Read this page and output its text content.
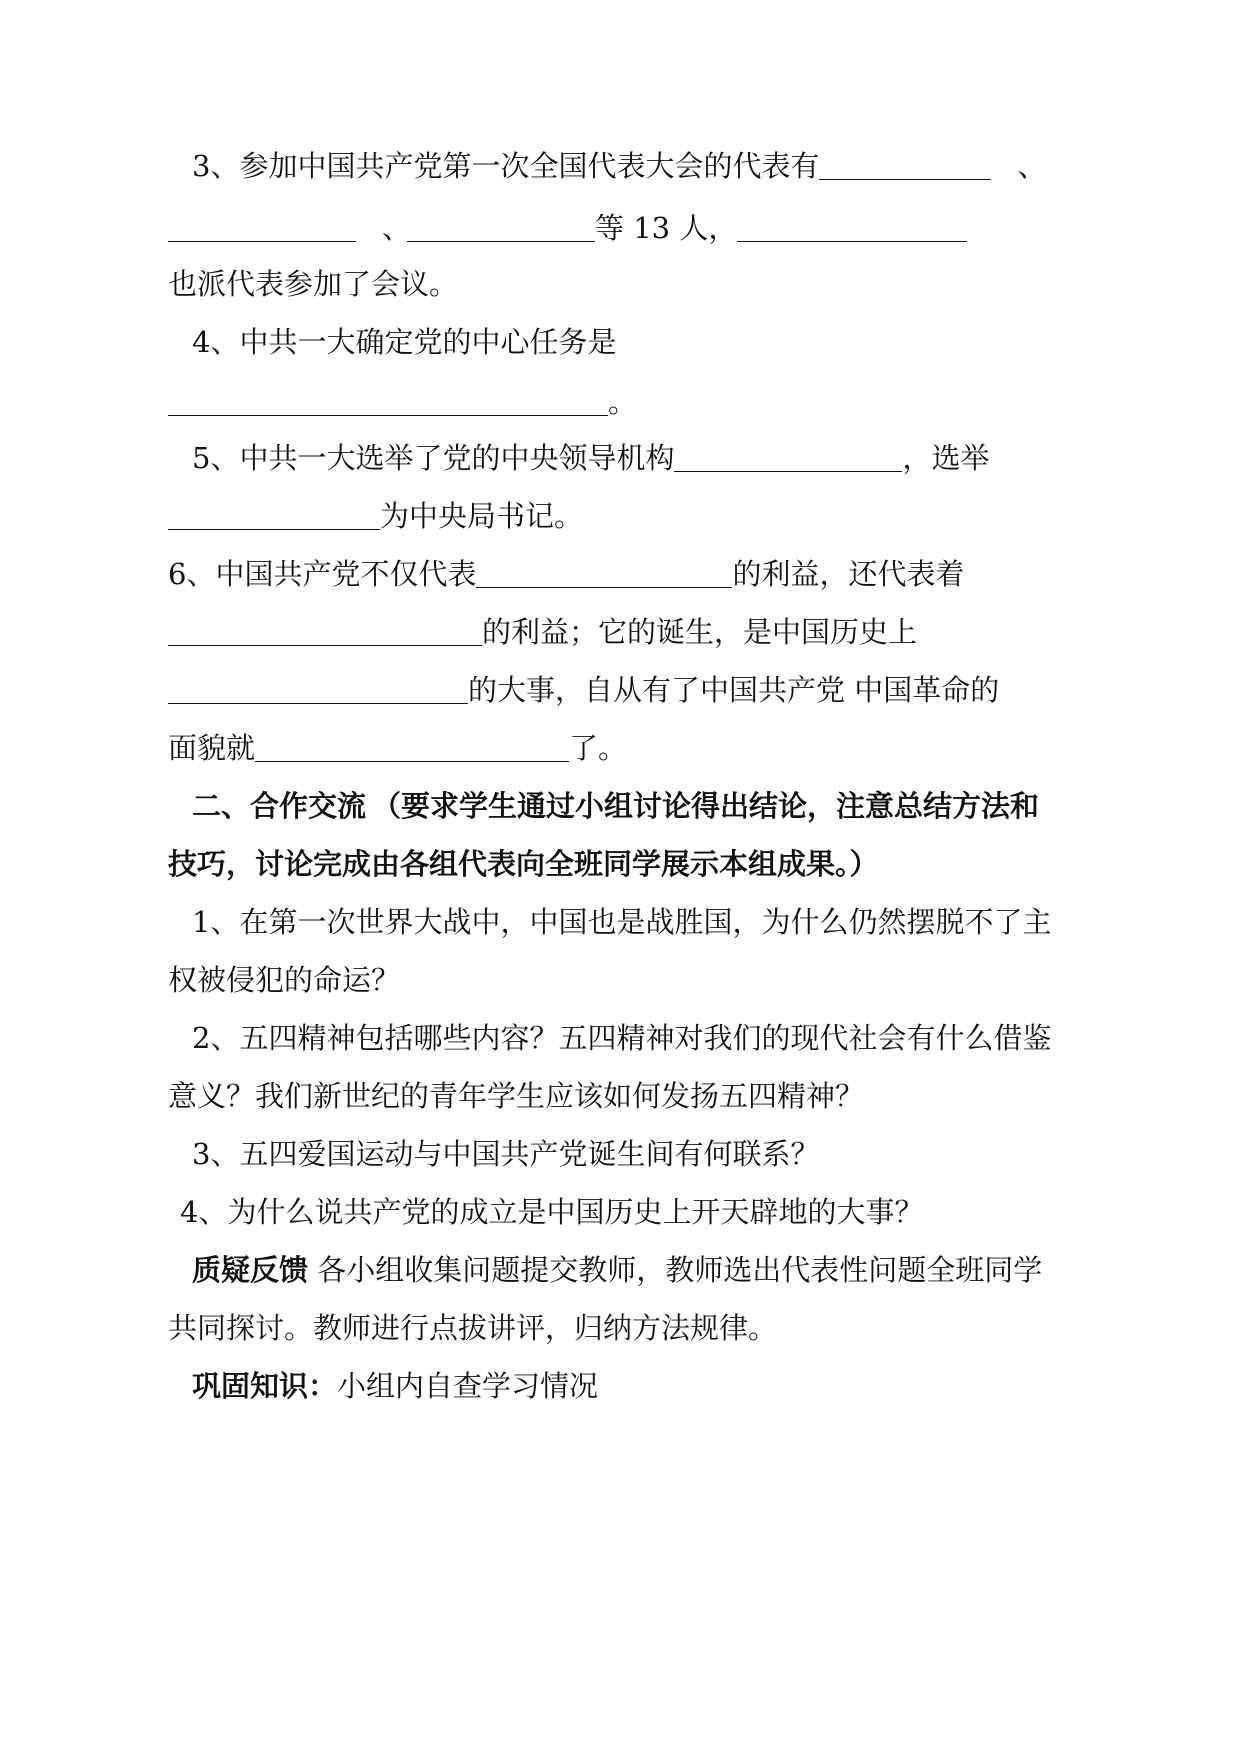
3、参加中国共产党第一次全国代表大会的代表有	、
、	等 13 人，
也派代表参加了会议。
4、中共一大确定党的中心任务是
。
5、中共一大选举了党的中央领导机构	，选举
为中央局书记。
6、中国共产党不仅代表	的利益，还代表着
的利益；它的诞生，是中国历史上
的大事，自从有了中国共产党 中国革命的
面貌就	了。
二、合作交流 （要求学生通过小组讨论得出结论，注意总结方法和
技巧，讨论完成由各组代表向全班同学展示本组成果。）
1、在第一次世界大战中，中国也是战胜国，为什么仍然摆脱不了主
权被侵犯的命运？
2、五四精神包括哪些内容？五四精神对我们的现代社会有什么借鉴
意义？我们新世纪的青年学生应该如何发扬五四精神？
3、五四爱国运动与中国共产党诞生间有何联系？
4、为什么说共产党的成立是中国历史上开天辟地的大事？
质疑反馈 各小组收集问题提交教师，教师选出代表性问题全班同学
共同探讨。教师进行点拔讲评，归纳方法规律。
巩固知识：小组内自查学习情况
